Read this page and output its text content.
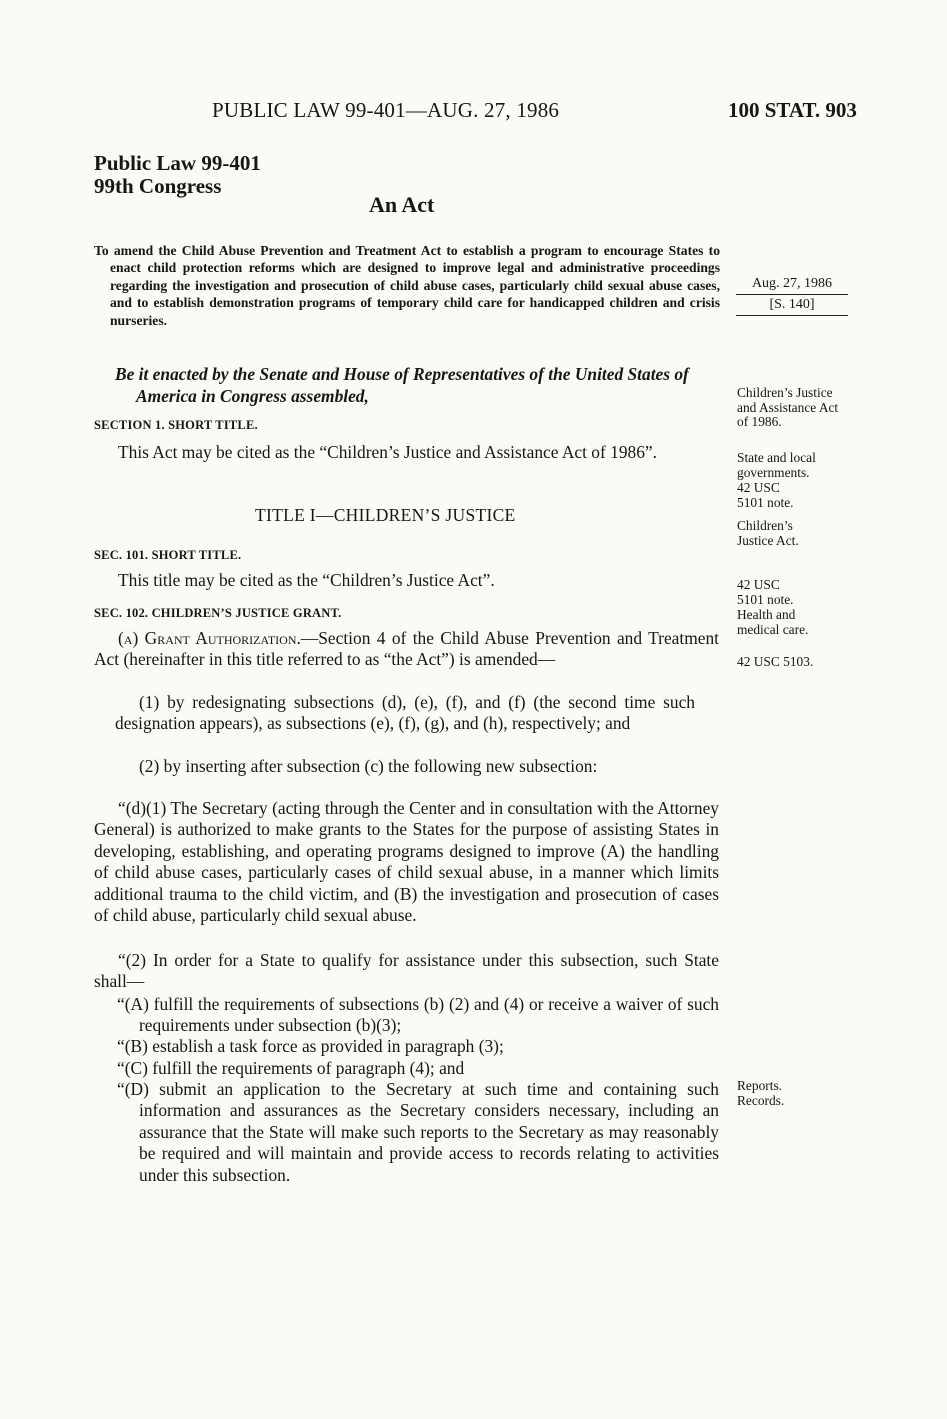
PUBLIC LAW 99-401—AUG. 27, 1986	100 STAT. 903
Public Law 99-401
99th Congress
An Act
To amend the Child Abuse Prevention and Treatment Act to establish a program to encourage States to enact child protection reforms which are designed to improve legal and administrative proceedings regarding the investigation and prosecution of child abuse cases, particularly child sexual abuse cases, and to establish demonstration programs of temporary child care for handicapped children and crisis nurseries.
Aug. 27, 1986
[S. 140]
Be it enacted by the Senate and House of Representatives of the United States of America in Congress assembled,
SECTION 1. SHORT TITLE.
This Act may be cited as the “Children’s Justice and Assistance Act of 1986”.
TITLE I—CHILDREN’S JUSTICE
SEC. 101. SHORT TITLE.
This title may be cited as the “Children’s Justice Act”.
SEC. 102. CHILDREN’S JUSTICE GRANT.
(a) Grant Authorization.—Section 4 of the Child Abuse Prevention and Treatment Act (hereinafter in this title referred to as “the Act”) is amended—
(1) by redesignating subsections (d), (e), (f), and (f) (the second time such designation appears), as subsections (e), (f), (g), and (h), respectively; and
(2) by inserting after subsection (c) the following new subsection:
“(d)(1) The Secretary (acting through the Center and in consultation with the Attorney General) is authorized to make grants to the States for the purpose of assisting States in developing, establishing, and operating programs designed to improve (A) the handling of child abuse cases, particularly cases of child sexual abuse, in a manner which limits additional trauma to the child victim, and (B) the investigation and prosecution of cases of child abuse, particularly child sexual abuse.
“(2) In order for a State to qualify for assistance under this subsection, such State shall—
“(A) fulfill the requirements of subsections (b) (2) and (4) or receive a waiver of such requirements under subsection (b)(3);
“(B) establish a task force as provided in paragraph (3);
“(C) fulfill the requirements of paragraph (4); and
“(D) submit an application to the Secretary at such time and containing such information and assurances as the Secretary considers necessary, including an assurance that the State will make such reports to the Secretary as may reasonably be required and will maintain and provide access to records relating to activities under this subsection.
Children’s Justice and Assistance Act of 1986.
State and local governments.
42 USC 5101 note.
Children’s Justice Act.
42 USC 5101 note.
Health and medical care.
42 USC 5103.
Reports.
Records.
